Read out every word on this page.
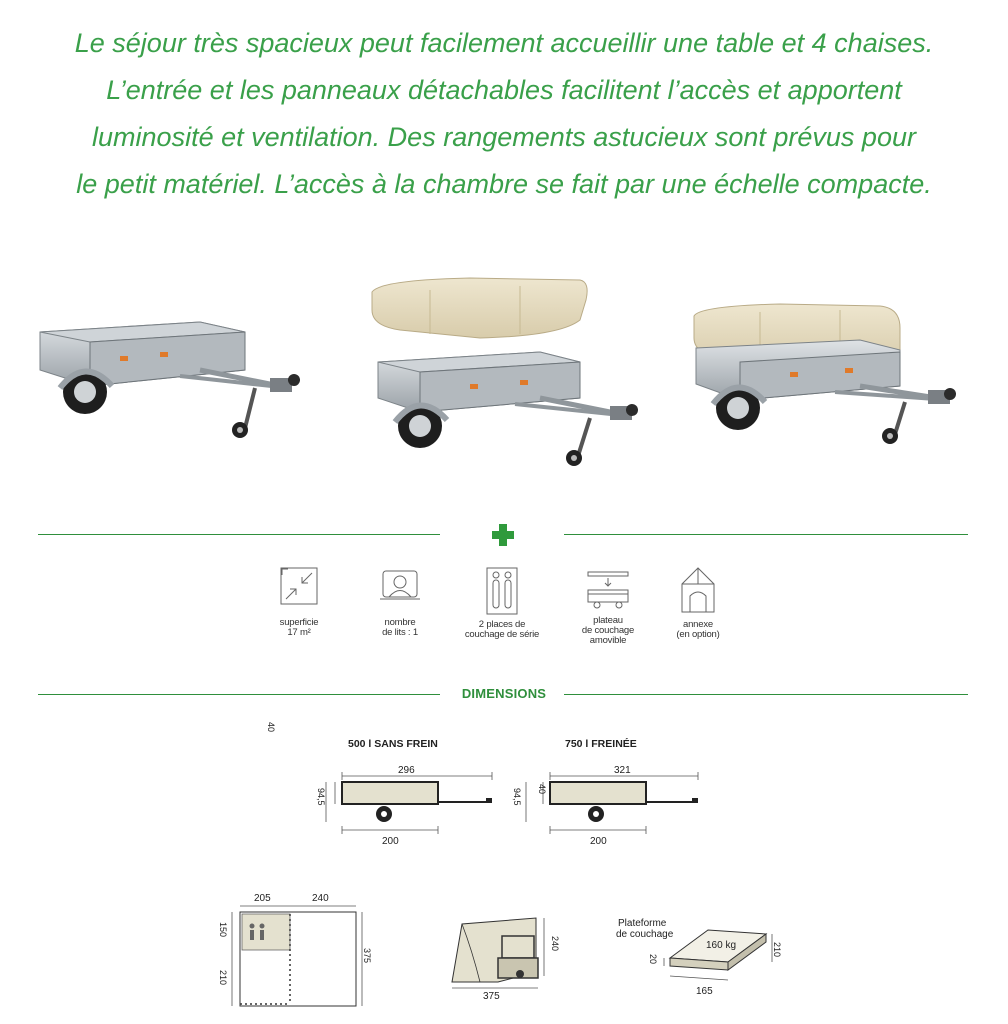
Le séjour très spacieux peut facilement accueillir une table et 4 chaises.
L’entrée et les panneaux détachables facilitent l’accès et apportent
luminosité et ventilation. Des rangements astucieux sont prévus pour
le petit matériel. L’accès à la chambre se fait par une échelle compacte.

superficie
17 m²
nombre
de lits : 1
2 places de
couchage de série
plateau
de couchage
amovible
annexe
(en option)
DIMENSIONS
500 l SANS FREIN	750 l FREINÉE
296
40
94,5
200
321
40
94,5
200
205	240
150
210
375
240
375
Plateforme
de couchage
160 kg
20
210
165
